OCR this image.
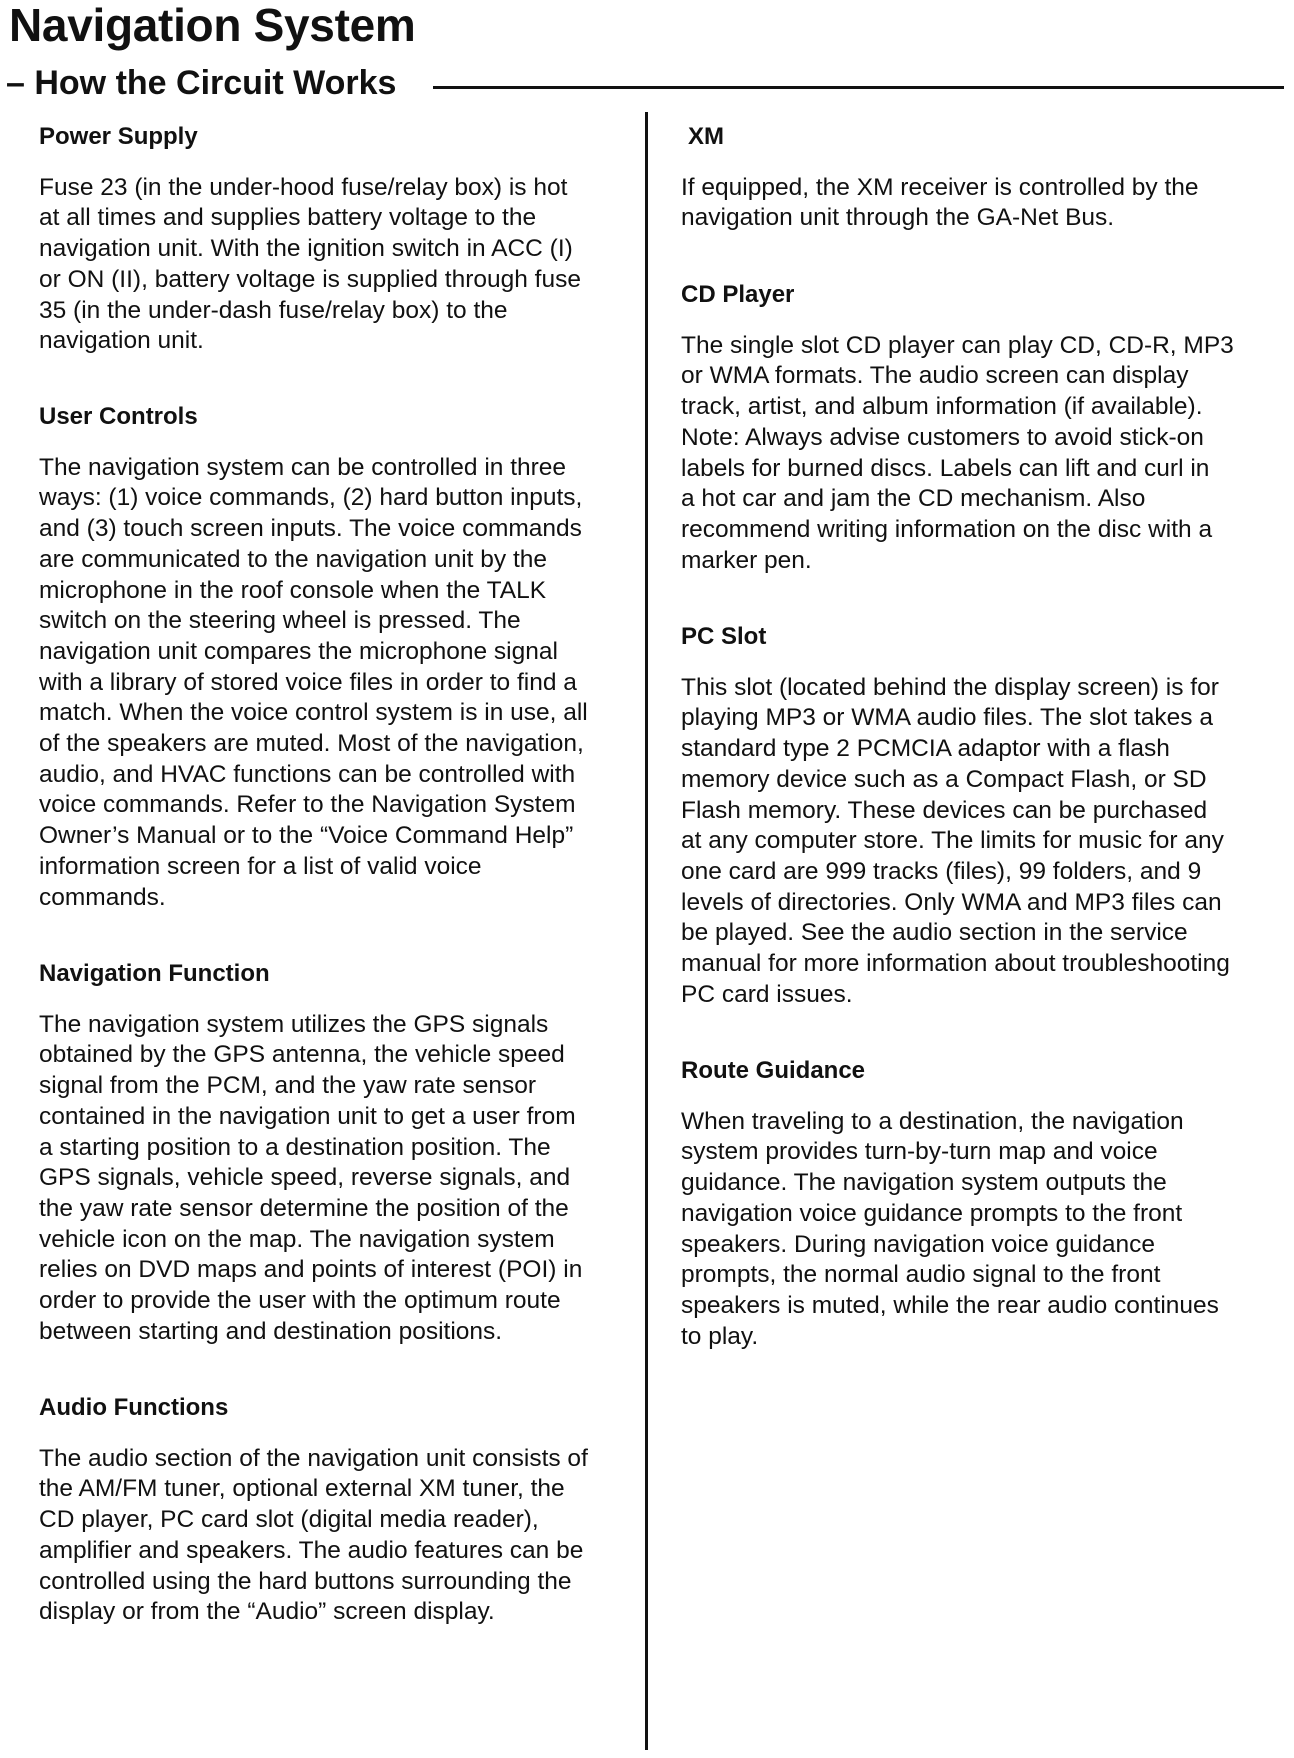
Navigation System
– How the Circuit Works
Power Supply
Fuse 23 (in the under-hood fuse/relay box) is hot
at all times and supplies battery voltage to the
navigation unit. With the ignition switch in ACC (I)
or ON (II), battery voltage is supplied through fuse
35 (in the under-dash fuse/relay box) to the
navigation unit.
User Controls
The navigation system can be controlled in three
ways: (1) voice commands, (2) hard button inputs,
and (3) touch screen inputs. The voice commands
are communicated to the navigation unit by the
microphone in the roof console when the TALK
switch on the steering wheel is pressed. The
navigation unit compares the microphone signal
with a library of stored voice files in order to find a
match. When the voice control system is in use, all
of the speakers are muted. Most of the navigation,
audio, and HVAC functions can be controlled with
voice commands. Refer to the Navigation System
Owner’s Manual or to the “Voice Command Help”
information screen for a list of valid voice
commands.
Navigation Function
The navigation system utilizes the GPS signals
obtained by the GPS antenna, the vehicle speed
signal from the PCM, and the yaw rate sensor
contained in the navigation unit to get a user from
a starting position to a destination position. The
GPS signals, vehicle speed, reverse signals, and
the yaw rate sensor determine the position of the
vehicle icon on the map. The navigation system
relies on DVD maps and points of interest (POI) in
order to provide the user with the optimum route
between starting and destination positions.
Audio Functions
The audio section of the navigation unit consists of
the AM/FM tuner, optional external XM tuner, the
CD player, PC card slot (digital media reader),
amplifier and speakers. The audio features can be
controlled using the hard buttons surrounding the
display or from the “Audio” screen display.
XM
If equipped, the XM receiver is controlled by the
navigation unit through the GA-Net Bus.
CD Player
The single slot CD player can play CD, CD-R, MP3
or WMA formats. The audio screen can display
track, artist, and album information (if available).
Note: Always advise customers to avoid stick-on
labels for burned discs. Labels can lift and curl in
a hot car and jam the CD mechanism. Also
recommend writing information on the disc with a
marker pen.
PC Slot
This slot (located behind the display screen) is for
playing MP3 or WMA audio files. The slot takes a
standard type 2 PCMCIA adaptor with a flash
memory device such as a Compact Flash, or SD
Flash memory. These devices can be purchased
at any computer store. The limits for music for any
one card are 999 tracks (files), 99 folders, and 9
levels of directories. Only WMA and MP3 files can
be played. See the audio section in the service
manual for more information about troubleshooting
PC card issues.
Route Guidance
When traveling to a destination, the navigation
system provides turn-by-turn map and voice
guidance. The navigation system outputs the
navigation voice guidance prompts to the front
speakers. During navigation voice guidance
prompts, the normal audio signal to the front
speakers is muted, while the rear audio continues
to play.
